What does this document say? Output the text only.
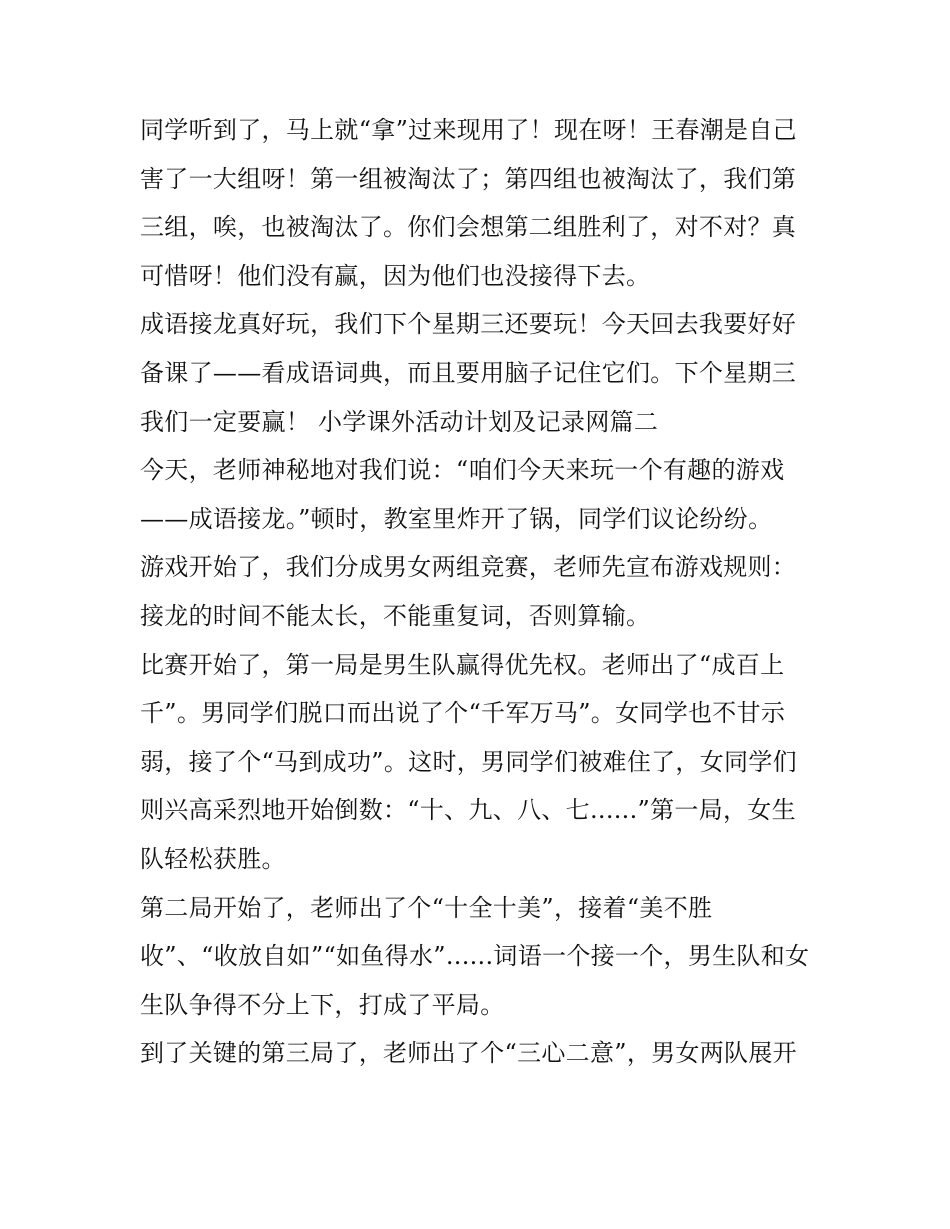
同学听到了，马上就“拿”过来现用了！现在呀！王春潮是自己
害了一大组呀！第一组被淘汰了；第四组也被淘汰了，我们第
三组，唉，也被淘汰了。你们会想第二组胜利了，对不对？真
可惜呀！他们没有赢，因为他们也没接得下去。
成语接龙真好玩，我们下个星期三还要玩！今天回去我要好好
备课了——看成语词典，而且要用脑子记住它们。下个星期三
我们一定要赢！ 小学课外活动计划及记录网篇二
今天，老师神秘地对我们说：“咱们今天来玩一个有趣的游戏
——成语接龙。”顿时，教室里炸开了锅，同学们议论纷纷。
游戏开始了，我们分成男女两组竞赛，老师先宣布游戏规则：
接龙的时间不能太长，不能重复词，否则算输。
比赛开始了，第一局是男生队赢得优先权。老师出了“成百上
千”。男同学们脱口而出说了个“千军万马”。女同学也不甘示
弱，接了个“马到成功”。这时，男同学们被难住了，女同学们
则兴高采烈地开始倒数：“十、九、八、七......”第一局，女生
队轻松获胜。
第二局开始了，老师出了个“十全十美”，接着“美不胜
收”、“收放自如”“如鱼得水”......词语一个接一个，男生队和女
生队争得不分上下，打成了平局。
到了关键的第三局了，老师出了个“三心二意”，男女两队展开
